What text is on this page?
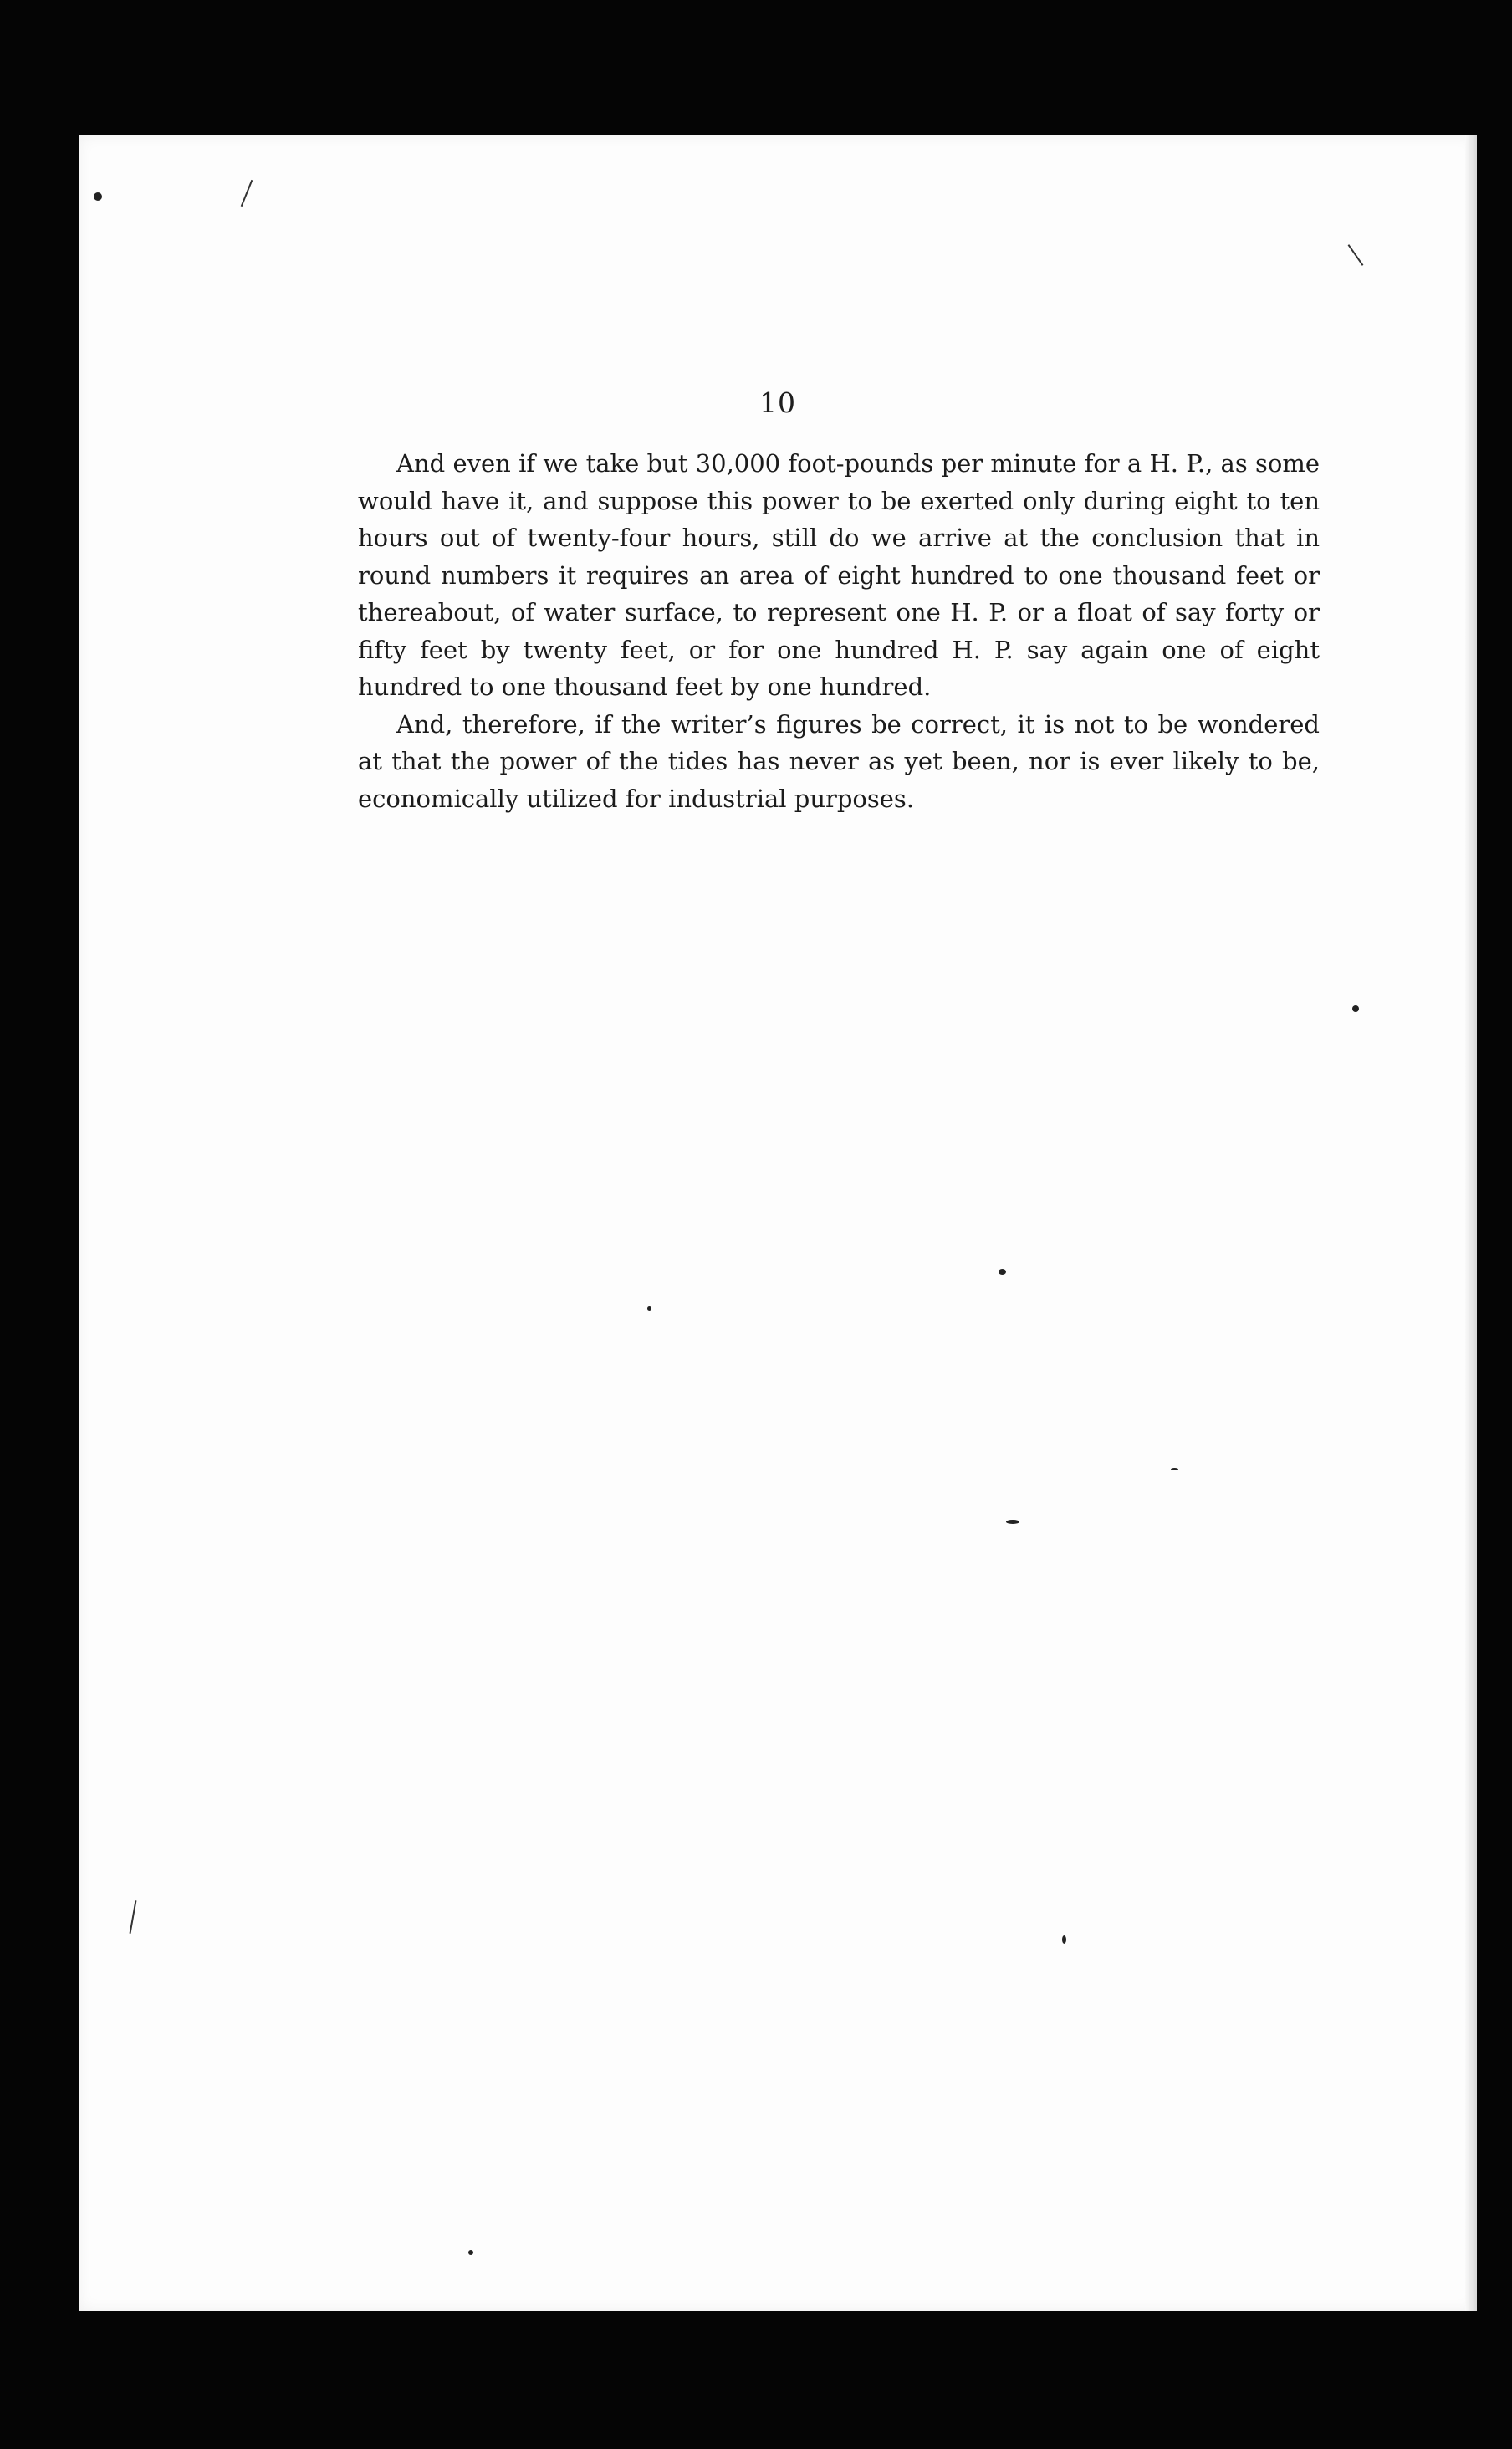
10

And even if we take but 30,000 foot-pounds per minute for a H. P., as some would have it, and suppose this power to be exerted only during eight to ten hours out of twenty-four hours, still do we arrive at the conclusion that in round numbers it requires an area of eight hundred to one thousand feet or thereabout, of water surface, to represent one H. P. or a float of say forty or fifty feet by twenty feet, or for one hundred H. P. say again one of eight hundred to one thousand feet by one hundred.

And, therefore, if the writer’s figures be correct, it is not to be wondered at that the power of the tides has never as yet been, nor is ever likely to be, economically utilized for industrial purposes.
